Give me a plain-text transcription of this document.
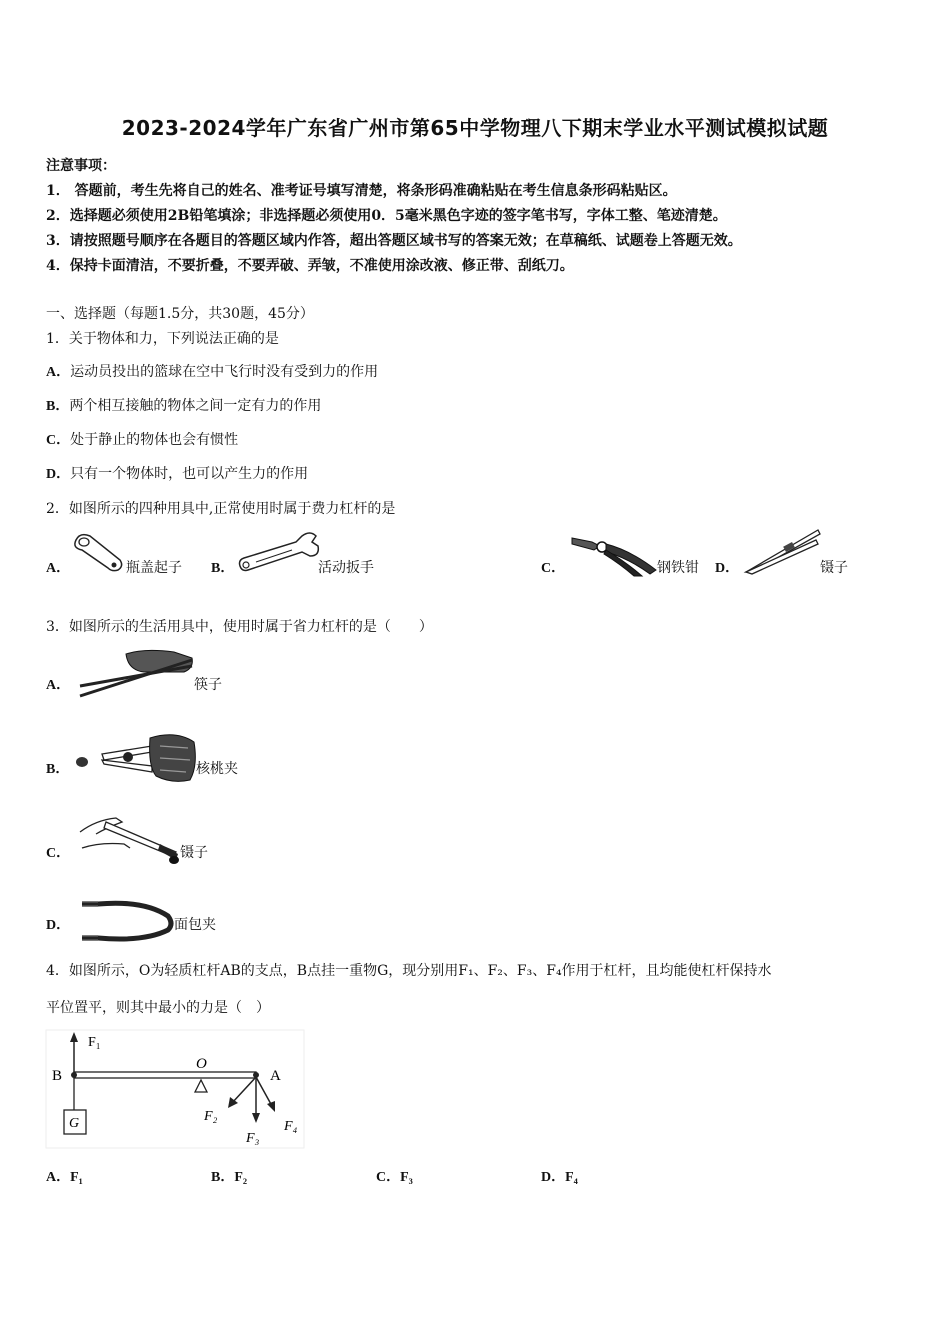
2023-2024学年广东省广州市第65中学物理八下期末学业水平测试模拟试题
注意事项：
1． 答题前，考生先将自己的姓名、准考证号填写清楚，将条形码准确粘贴在考生信息条形码粘贴区。
2．选择题必须使用2B铅笔填涂；非选择题必须使用0．5毫米黑色字迹的签字笔书写，字体工整、笔迹清楚。
3．请按照题号顺序在各题目的答题区域内作答，超出答题区域书写的答案无效；在草稿纸、试题卷上答题无效。
4．保持卡面清洁，不要折叠，不要弄破、弄皱，不准使用涂改液、修正带、刮纸刀。
一、选择题（每题1.5分，共30题，45分）
1．关于物体和力，下列说法正确的是
A．运动员投出的篮球在空中飞行时没有受到力的作用
B．两个相互接触的物体之间一定有力的作用
C．处于静止的物体也会有惯性
D．只有一个物体时，也可以产生力的作用
2．如图所示的四种用具中,正常使用时属于费力杠杆的是
A．	瓶盖起子 B．	活动扳手	C．	钢铁钳 D．	镊子
3．如图所示的生活用具中，使用时属于省力杠杆的是（　　）
A．	筷子
B．	核桃夹
C．	镊子
D．	面包夹
4．如图所示，O为轻质杠杆AB的支点，B点挂一重物G，现分别用F₁、F₂、F₃、F₄作用于杠杆，且均能使杠杆保持水
平位置平，则其中最小的力是（　）
F₁
B	A
O
G	F₂
F₃
F₄
A．F₁	B．F₂	C．F₃	D．F₄
